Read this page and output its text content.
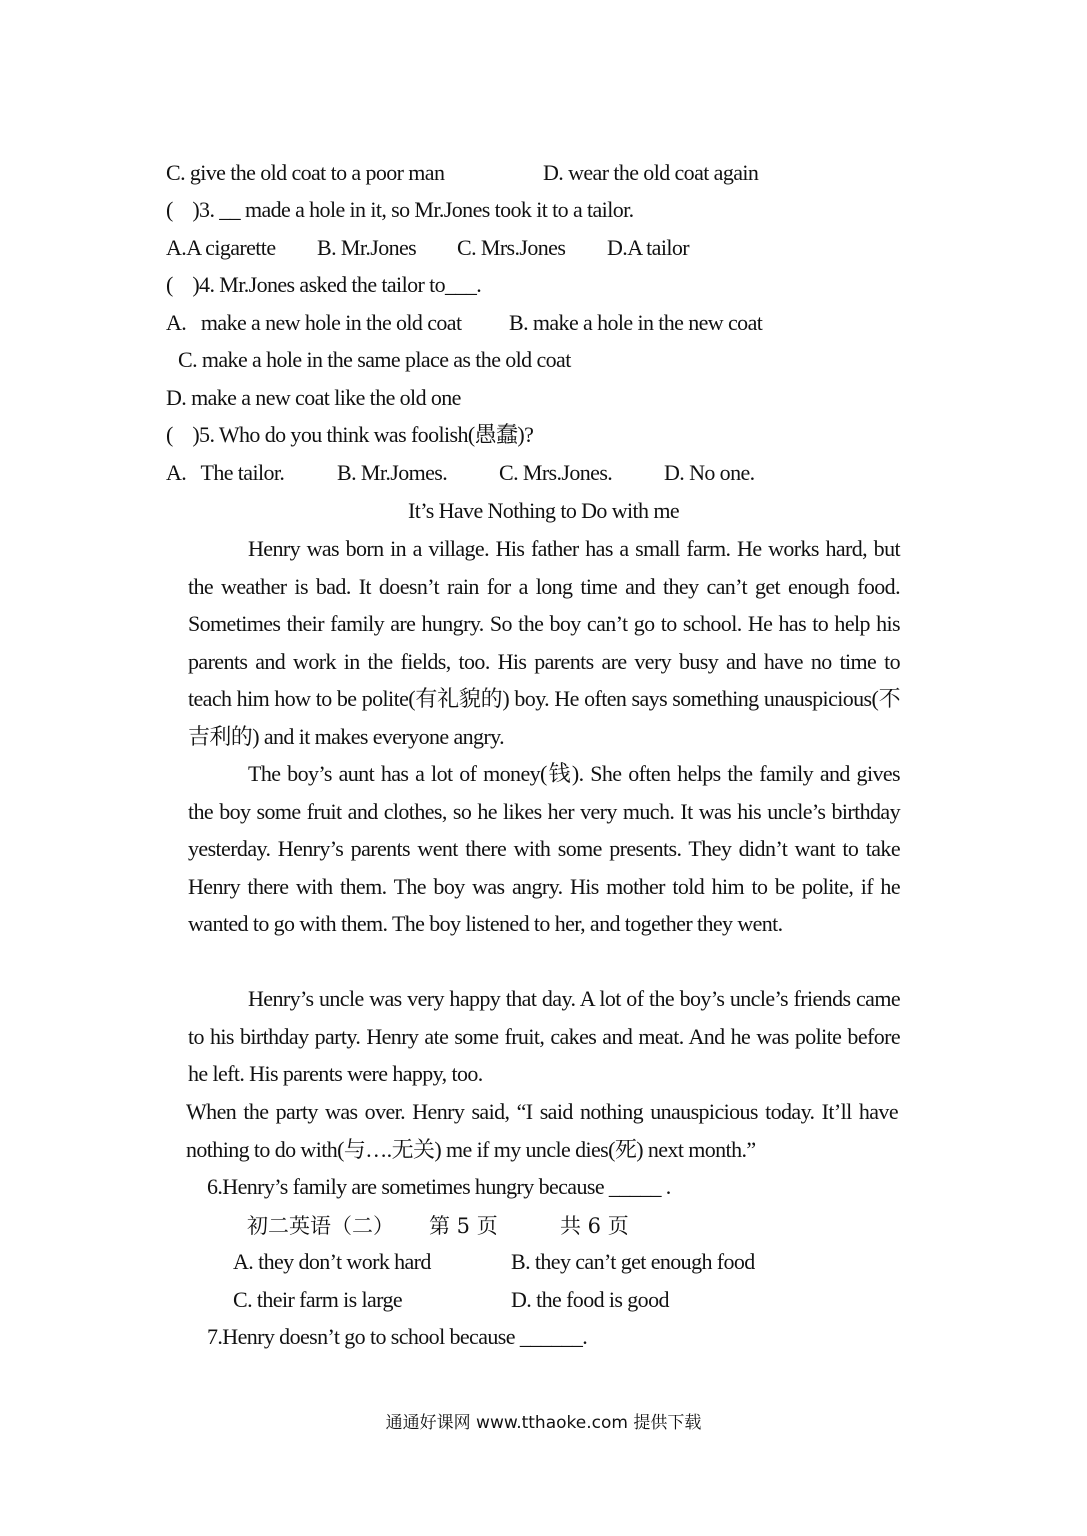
C. give the old coat to a poor man	D. wear the old coat again
(    )3. __ made a hole in it, so Mr.Jones took it to a tailor.
A.A cigarette B. Mr.Jones C. Mrs.Jones D.A tailor
(    )4. Mr.Jones asked the tailor to___.
A.   make a new hole in the old coat B. make a hole in the new coat
C. make a hole in the same place as the old coat
D. make a new coat like the old one
(    )5. Who do you think was foolish(愚蠢)?
A.   The tailor. B. Mr.Jomes. C. Mrs.Jones. D. No one.
It’s Have Nothing to Do with me
Henry was born in a village. His father has a small farm. He works hard, but the weather is bad. It doesn’t rain for a long time and they can’t get enough food. Sometimes their family are hungry. So the boy can’t go to school. He has to help his parents and work in the fields, too. His parents are very busy and have no time to teach him how to be polite(有礼貌的) boy. He often says something unauspicious(不吉利的) and it makes everyone angry.
The boy’s aunt has a lot of money(钱). She often helps the family and gives the boy some fruit and clothes, so he likes her very much. It was his uncle’s birthday yesterday. Henry’s parents went there with some presents. They didn’t want to take Henry there with them. The boy was angry. His mother told him to be polite, if he wanted to go with them. The boy listened to her, and together they went.
Henry’s uncle was very happy that day. A lot of the boy’s uncle’s friends came to his birthday party. Henry ate some fruit, cakes and meat. And he was polite before he left. His parents were happy, too.
When the party was over. Henry said, “I said nothing unauspicious today. It’ll have nothing to do with(与….无关) me if my uncle dies(死) next month.”
6.Henry’s family are sometimes hungry because _____ .
初二英语（二） 第 5 页	共 6 页
A. they don’t work hard	B. they can’t get enough food
C. their farm is large	D. the food is good
7.Henry doesn’t go to school because ______.
通通好课网 www.tthaoke.com 提供下载
